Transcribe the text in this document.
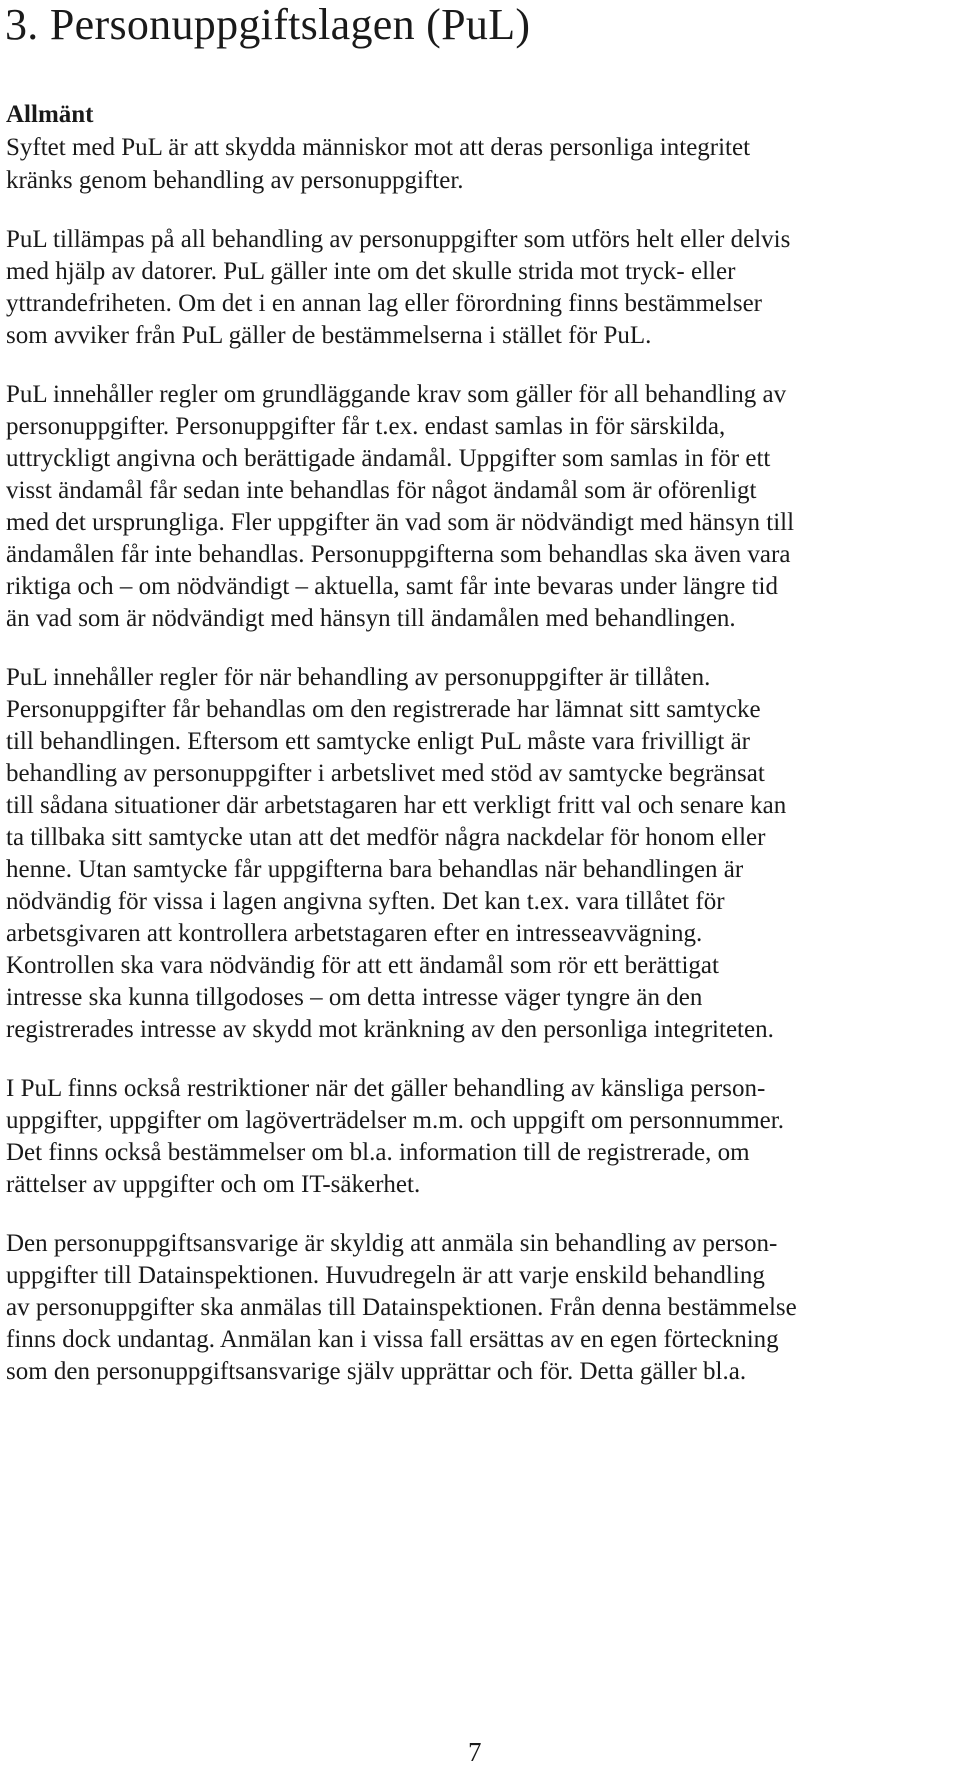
3. Personuppgiftslagen (PuL)
Allmänt

Syftet med PuL är att skydda människor mot att deras personliga integritet

kränks genom behandling av personuppgifter.

PuL tillämpas på all behandling av personuppgifter som utförs helt eller delvis

med hjälp av datorer. PuL gäller inte om det skulle strida mot tryck- eller

yttrandefriheten. Om det i en annan lag eller förordning finns bestämmelser

som avviker från PuL gäller de bestämmelserna i stället för PuL.

PuL innehåller regler om grundläggande krav som gäller för all behandling av

personuppgifter. Personuppgifter får t.ex. endast samlas in för särskilda,

uttryckligt angivna och berättigade ändamål. Uppgifter som samlas in för ett

visst ändamål får sedan inte behandlas för något ändamål som är oförenligt

med det ursprungliga. Fler uppgifter än vad som är nödvändigt med hänsyn till

ändamålen får inte behandlas. Personuppgifterna som behandlas ska även vara

riktiga och – om nödvändigt – aktuella, samt får inte bevaras under längre tid

än vad som är nödvändigt med hänsyn till ändamålen med behandlingen.

PuL innehåller regler för när behandling av personuppgifter är tillåten.

Personuppgifter får behandlas om den registrerade har lämnat sitt samtycke

till behandlingen. Eftersom ett samtycke enligt PuL måste vara frivilligt är

behandling av personuppgifter i arbetslivet med stöd av samtycke begränsat

till sådana situationer där arbetstagaren har ett verkligt fritt val och senare kan

ta tillbaka sitt samtycke utan att det medför några nackdelar för honom eller

henne. Utan samtycke får uppgifterna bara behandlas när behandlingen är

nödvändig för vissa i lagen angivna syften. Det kan t.ex. vara tillåtet för

arbetsgivaren att kontrollera arbetstagaren efter en intresseavvägning.

Kontrollen ska vara nödvändig för att ett ändamål som rör ett berättigat

intresse ska kunna tillgodoses – om detta intresse väger tyngre än den

registrerades intresse av skydd mot kränkning av den personliga integriteten.

I PuL finns också restriktioner när det gäller behandling av känsliga person-

uppgifter, uppgifter om lagöverträdelser m.m. och uppgift om personnummer.

Det finns också bestämmelser om bl.a. information till de registrerade, om

rättelser av uppgifter och om IT-säkerhet.

Den personuppgiftsansvarige är skyldig att anmäla sin behandling av person-

uppgifter till Datainspektionen. Huvudregeln är att varje enskild behandling

av personuppgifter ska anmälas till Datainspektionen. Från denna bestämmelse

finns dock undantag. Anmälan kan i vissa fall ersättas av en egen förteckning

som den personuppgiftsansvarige själv upprättar och för. Detta gäller bl.a.

7
